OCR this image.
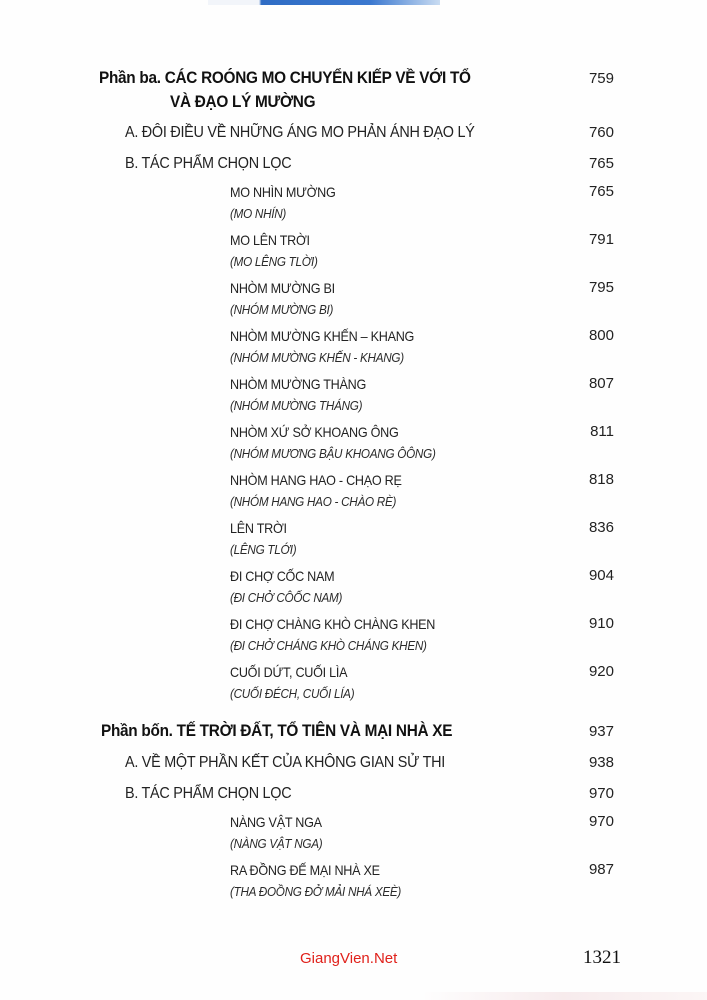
Phần ba. CÁC ROÓNG MO CHUYỂN KIẾP VỀ VỚI TỔ	759
VÀ ĐẠO LÝ MƯỜNG
A. ĐÔI ĐIỀU VỀ NHỮNG ÁNG MO PHẢN ÁNH ĐẠO LÝ	760
B. TÁC PHẨM CHỌN LỌC	765
MO NHÌN MƯỜNG	765
(MO NHÍN)
MO LÊN TRỜI	791
(MO LÊNG TLỜI)
NHÒM MƯỜNG BI	795
(NHÓM MƯỜNG BI)
NHÒM MƯỜNG KHẾN – KHANG	800
(NHÓM MƯỜNG KHẾN - KHANG)
NHÒM MƯỜNG THÀNG	807
(NHÓM MƯỜNG THÁNG)
NHÒM XỨ SỞ KHOANG ÔNG	811
(NHÓM MƯƠNG BẬU KHOANG ÔÔNG)
NHÒM HANG HAO - CHẠO RẸ	818
(NHÓM HANG HAO - CHÀO RÈ)
LÊN TRỜI	836
(LÊNG TLỚI)
ĐI CHỢ CỐC NAM	904
(ĐI CHỞ CÔỐC NAM)
ĐI CHỢ CHÀNG KHÒ CHÀNG KHEN	910
(ĐI CHỞ CHÁNG KHÒ CHÁNG KHEN)
CUỐI DỨT, CUỐI LÌA	920
(CUỐI ĐÉCH, CUỐI LÍA)
Phần bốn. TẾ TRỜI ĐẤT, TỔ TIÊN VÀ MẠI NHÀ XE	937
A. VỀ MỘT PHẦN KẾT CỦA KHÔNG GIAN SỬ THI	938
B. TÁC PHẨM CHỌN LỌC	970
NÀNG VẬT NGA	970
(NÀNG VẬT NGA)
RA ĐỒNG ĐẾ MẠI NHÀ XE	987
(THA ĐOỒNG ĐỞ MẢI NHÁ XEÈ)
GiangVien.Net	1321
